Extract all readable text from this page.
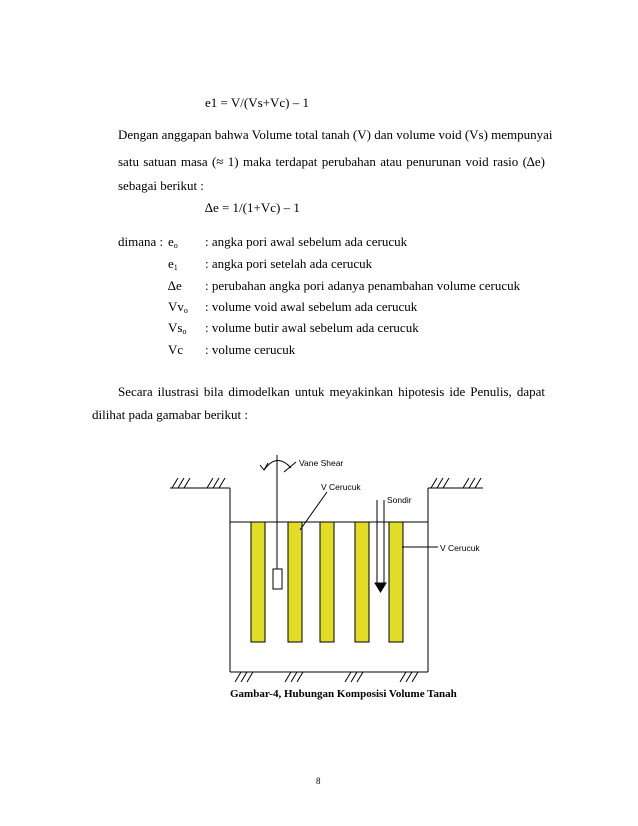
e1 = V/(Vs+Vc) – 1
Dengan anggapan bahwa Volume total tanah (V) dan volume void (Vs) mempunyai
satu satuan masa (≈ 1) maka terdapat perubahan atau penurunan void rasio (∆e)
sebagai berikut :
∆e = 1/(1+Vc) – 1
dimana : $e_o$ : angka pori awal sebelum ada cerucuk
$e_1$ : angka pori setelah ada cerucuk
∆e : perubahan angka pori adanya penambahan volume cerucuk
$Vv_o$ : volume void awal sebelum ada cerucuk
$Vs_o$ : volume butir awal sebelum ada cerucuk
Vc : volume cerucuk
Secara ilustrasi bila dimodelkan untuk meyakinkan hipotesis ide Penulis, dapat
dilihat pada gamabar berikut :
Vane Shear
V Cerucuk
Sondir
V Cerucuk
Gambar-4, Hubungan Komposisi Volume Tanah
8
